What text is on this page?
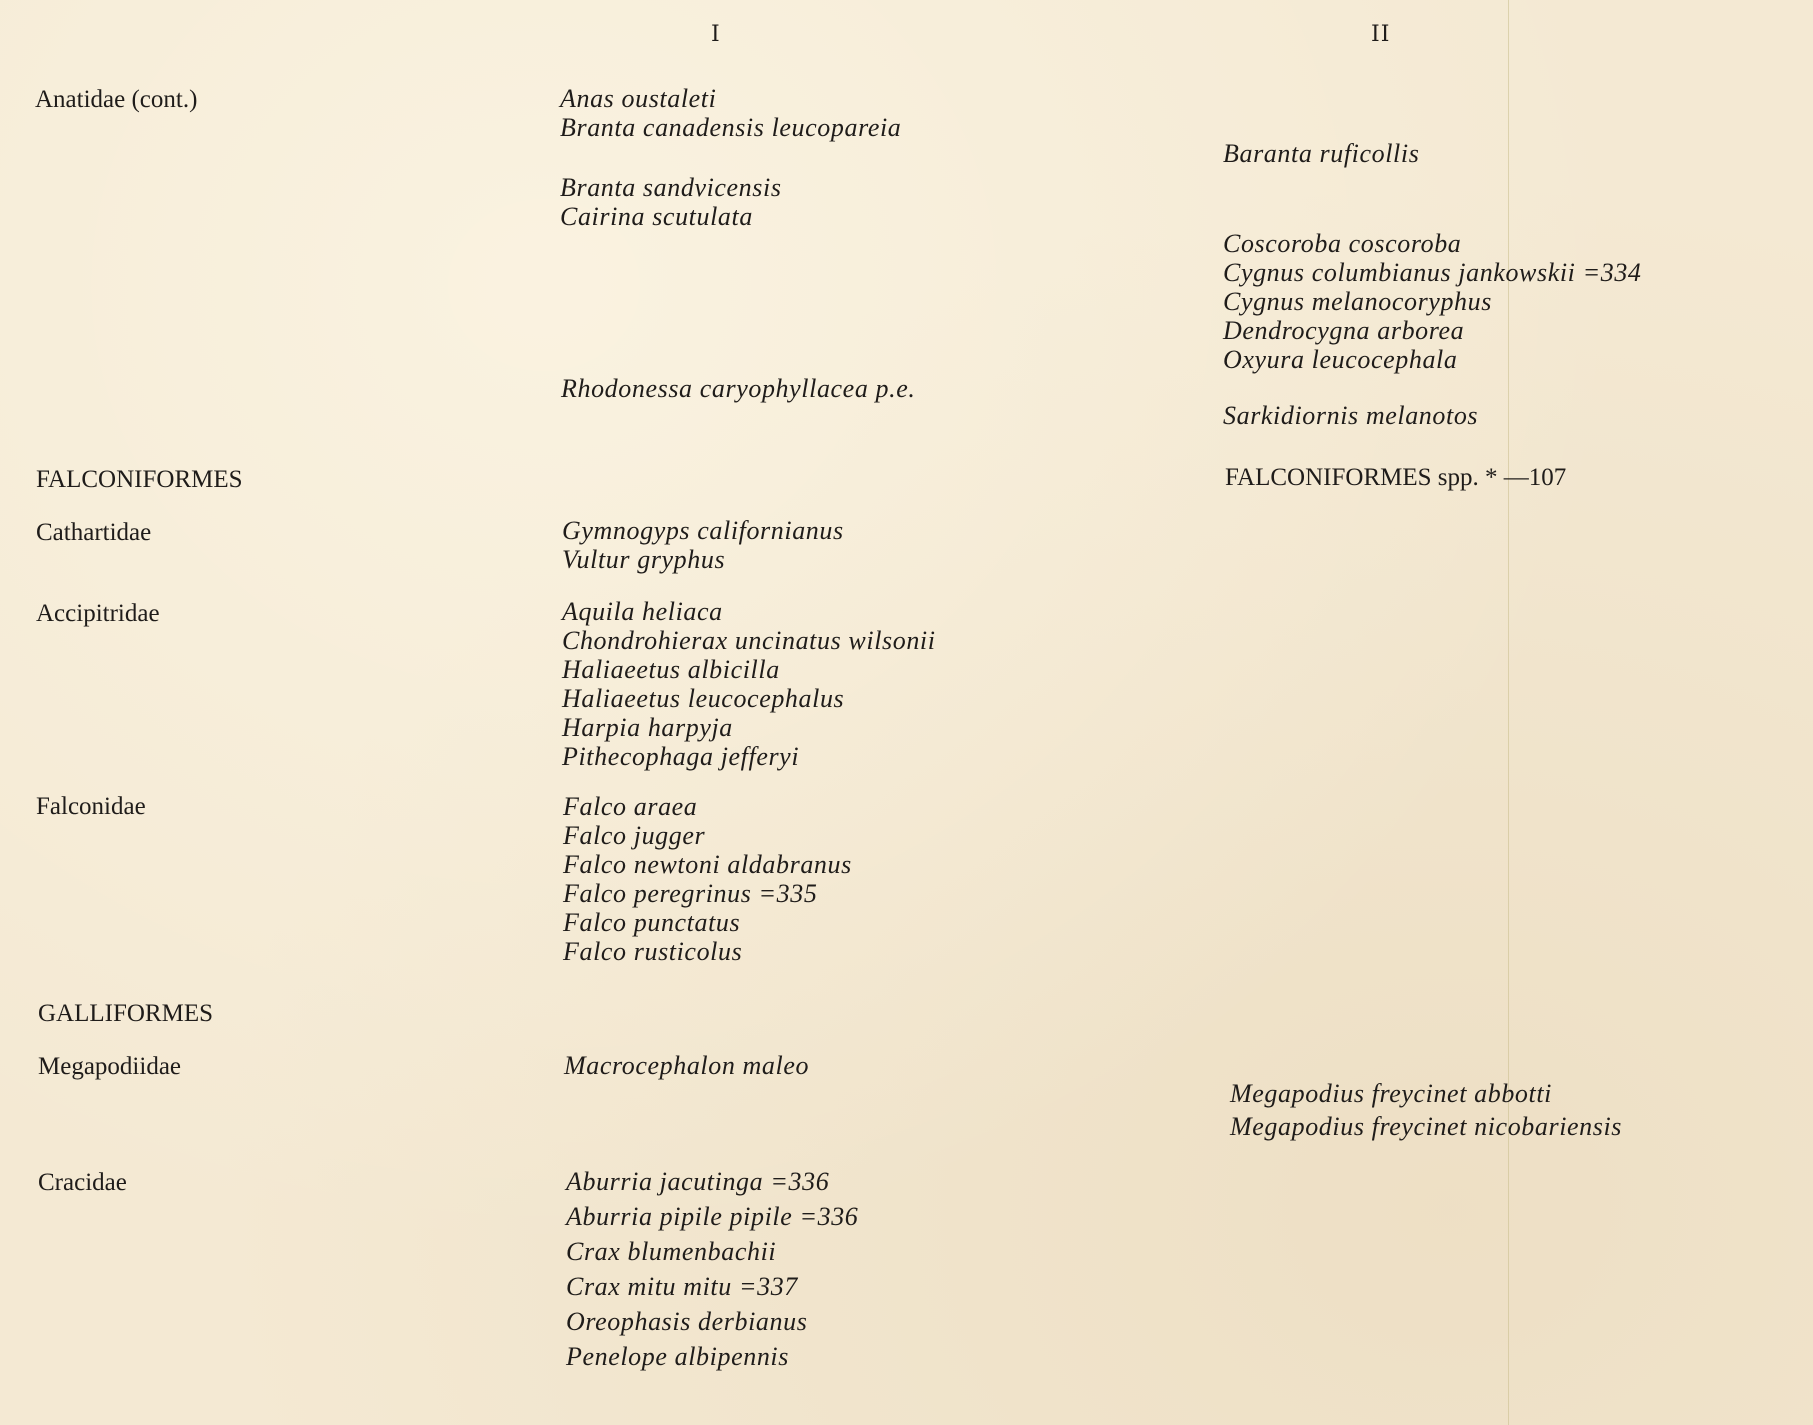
I	II
Anatidae (cont.)
FALCONIFORMES
Cathartidae
Accipitridae
Falconidae
GALLIFORMES
Megapodiidae
Cracidae
Anas oustaleti
Branta canadensis leucopareia
Branta sandvicensis
Cairina scutulata
Rhodonessa caryophyllacea p.e.
Gymnogyps californianus
Vultur gryphus
Aquila heliaca
Chondrohierax uncinatus wilsonii
Haliaeetus albicilla
Haliaeetus leucocephalus
Harpia harpyja
Pithecophaga jefferyi
Falco araea
Falco jugger
Falco newtoni aldabranus
Falco peregrinus =335
Falco punctatus
Falco rusticolus
Macrocephalon maleo
Aburria jacutinga =336
Aburria pipile pipile =336
Crax blumenbachii
Crax mitu mitu =337
Oreophasis derbianus
Penelope albipennis
Baranta ruficollis
Coscoroba coscoroba
Cygnus columbianus jankowskii =334
Cygnus melanocoryphus
Dendrocygna arborea
Oxyura leucocephala
Sarkidiornis melanotos
FALCONIFORMES spp. * —107
Megapodius freycinet abbotti
Megapodius freycinet nicobariensis
